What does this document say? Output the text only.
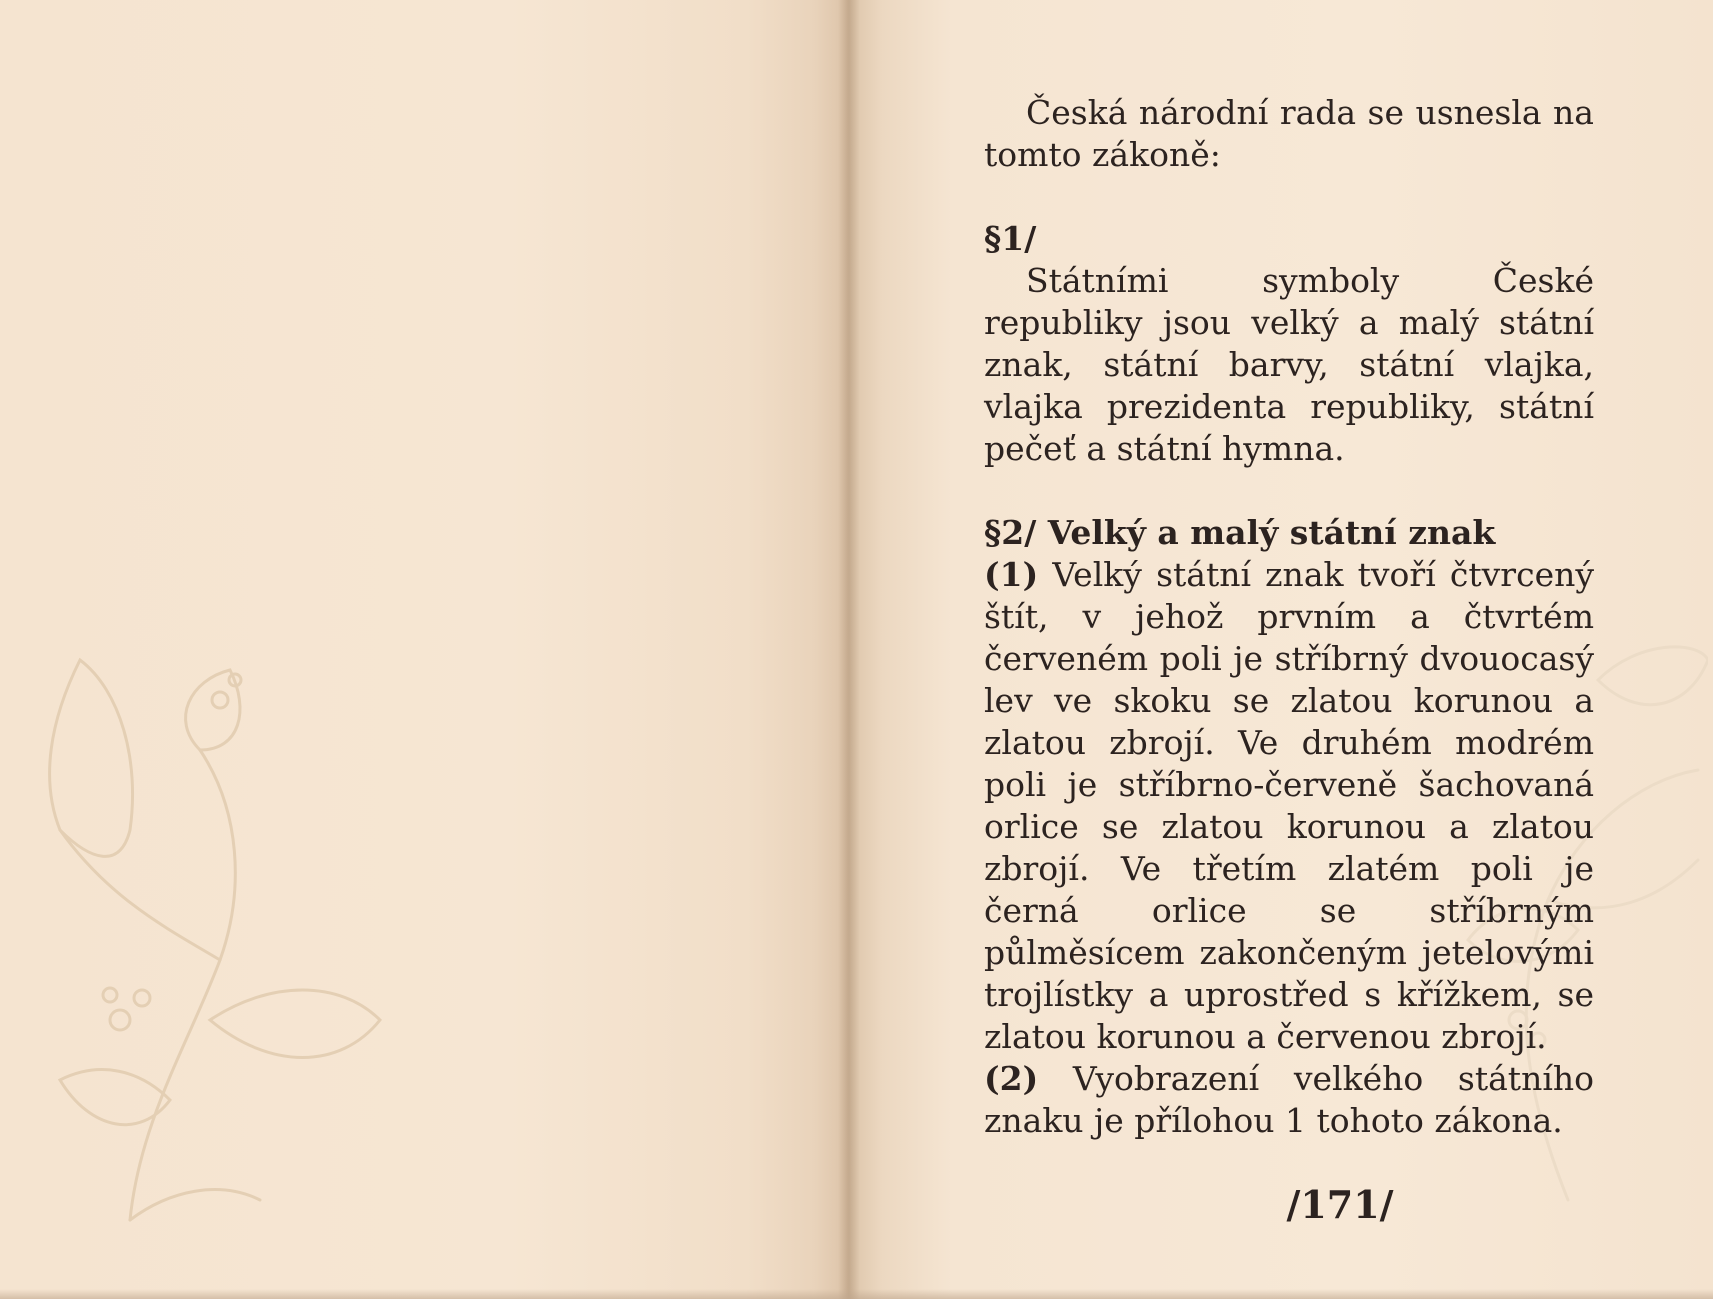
/171/

Česká národní rada se usnesla na tomto zákoně:

§1/

Státními symboly České republiky jsou velký a malý státní znak, státní barvy, státní vlajka, vlajka prezidenta republiky, státní pečeť a státní hymna.

§2/ Velký a malý státní znak

(1) Velký státní znak tvoří čtvrcený štít, v jehož prvním a čtvrtém červeném poli je stříbrný dvouocasý lev ve skoku se zlatou korunou a zlatou zbrojí. Ve druhém modrém poli je stříbrno-červeně šachovaná orlice se zlatou korunou a zlatou zbrojí. Ve třetím zlatém poli je černá orlice se stříbrným půlměsícem zakončeným jetelovými trojlístky a uprostřed s křížkem, se zlatou korunou a červenou zbrojí.

(2) Vyobrazení velkého státního znaku je přílohou 1 tohoto zákona.
